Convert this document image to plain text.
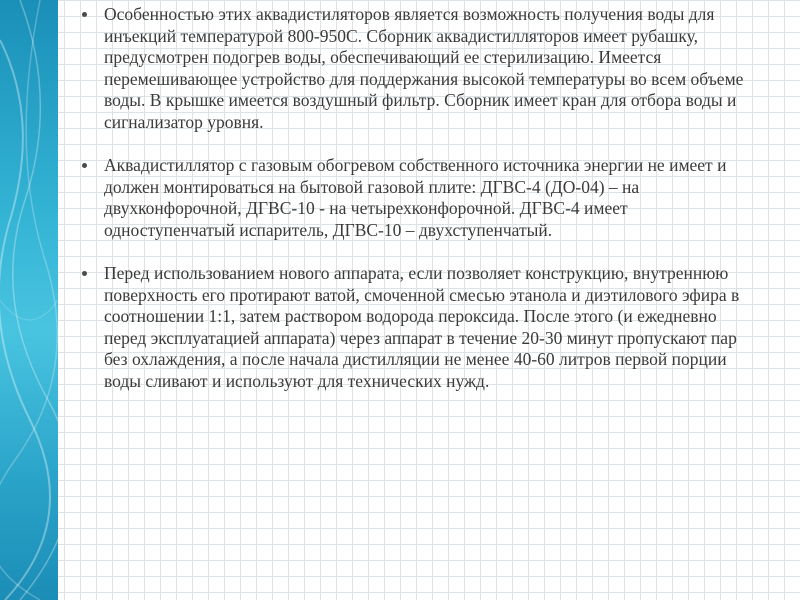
Особенностью этих аквадистиляторов является возможность получения воды для инъекций температурой 800-950С. Сборник аквадистилляторов имеет рубашку, предусмотрен подогрев воды, обеспечивающий ее стерилизацию. Имеется перемешивающее устройство для поддержания высокой температуры во всем объеме воды. В крышке имеется воздушный фильтр. Сборник имеет кран для отбора воды и сигнализатор уровня.
Аквадистиллятор с газовым обогревом собственного источника энергии не имеет и должен монтироваться на бытовой газовой плите: ДГВС-4 (ДО-04) – на двухконфорочной, ДГВС-10 - на четырехконфорочной. ДГВС-4 имеет одноступенчатый испаритель, ДГВС-10 – двухступенчатый.
Перед использованием нового аппарата, если позволяет конструкцию, внутреннюю поверхность его протирают ватой, смоченной смесью этанола и диэтилового эфира в соотношении 1:1, затем раствором водорода пероксида. После этого (и ежедневно перед эксплуатацией аппарата) через аппарат в течение 20-30 минут пропускают пар без охлаждения, а после начала дистилляции не менее 40-60 литров первой порции воды сливают и используют для технических нужд.
